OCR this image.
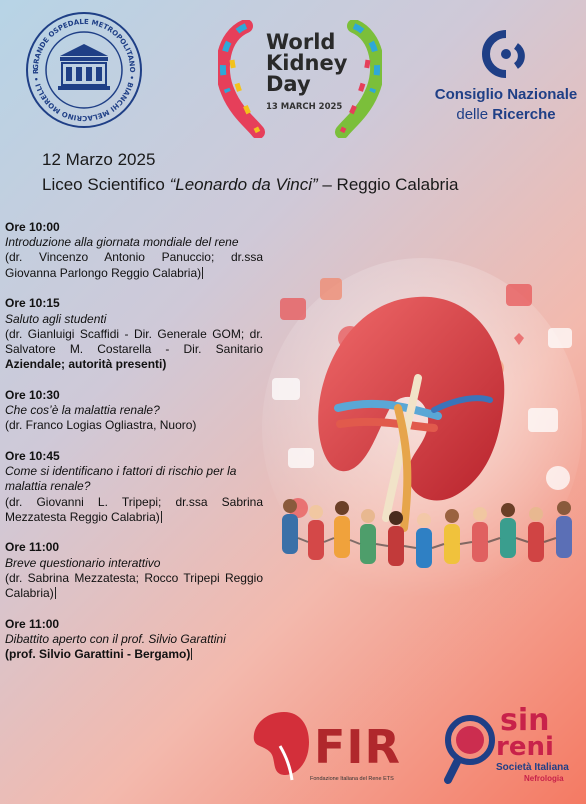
GRANDE OSPEDALE METROPOLITANO • BIANCHI MELACRINO MORELLI • R
World
Kidney
Day
13 MARCH 2025
Consiglio Nazionale
delle Ricerche
12 Marzo 2025
Liceo Scientifico “Leonardo da Vinci” – Reggio Calabria
Ore 10:00
Introduzione alla giornata mondiale del rene
(dr. Vincenzo Antonio Panuccio; dr.ssa Giovanna Parlongo Reggio Calabria)
Ore 10:15
Saluto agli studenti
(dr. Gianluigi Scaffidi - Dir. Generale GOM; dr. Salvatore M. Costarella - Dir. Sanitario Aziendale; autorità presenti)
Ore 10:30
Che cos’è la malattia renale?
(dr. Franco Logias Ogliastra, Nuoro)
Ore 10:45
Come si identificano i fattori di rischio per la malattia renale?
(dr. Giovanni L. Tripepi; dr.ssa Sabrina Mezzatesta Reggio Calabria)
Ore 11:00
Breve questionario interattivo
(dr. Sabrina Mezzatesta; Rocco Tripepi Reggio Calabria)
Ore 11:00
Dibattito aperto con il prof. Silvio Garattini
(prof. Silvio Garattini - Bergamo)
FIR
Fondazione Italiana del Rene ETS
sin
reni
Società Italiana
Nefrologia
